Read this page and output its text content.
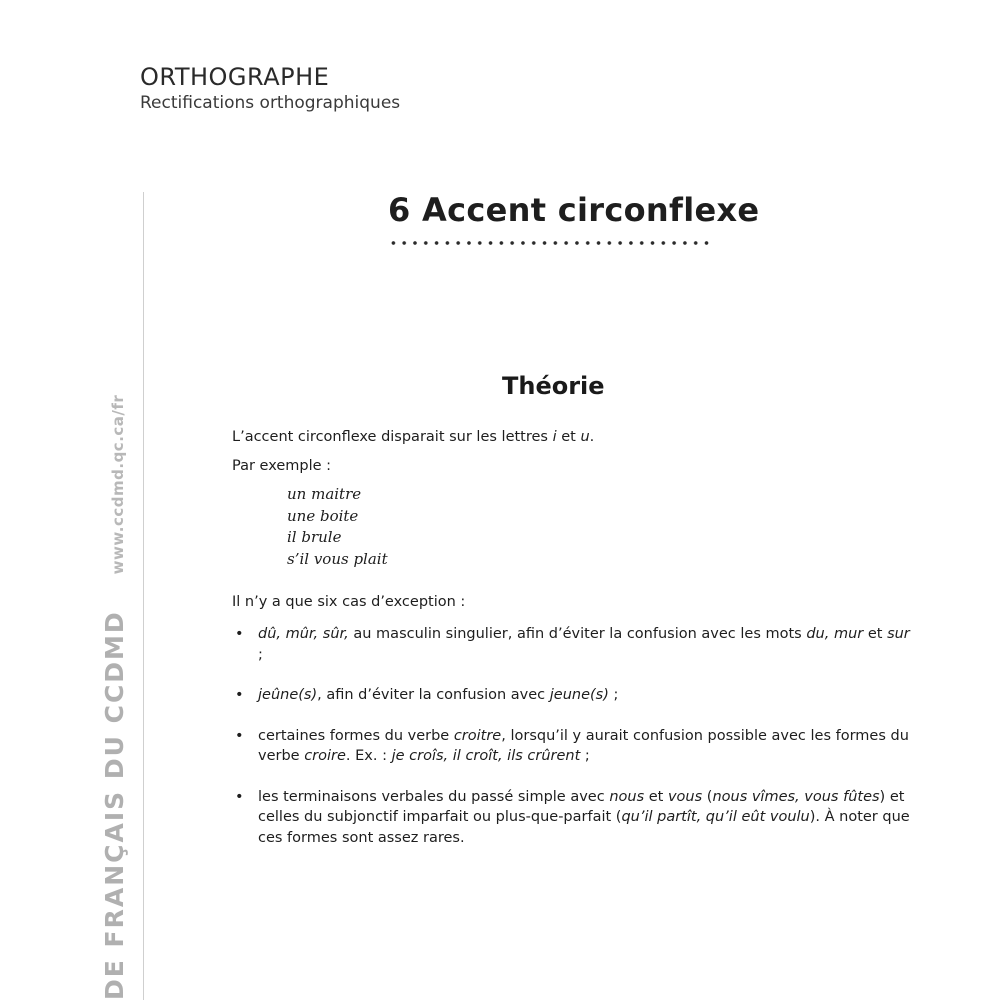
ORTHOGRAPHE
Rectifications orthographiques
DE FRANÇAIS DU CCDMD
www.ccdmd.qc.ca/fr
6 Accent circonflexe
Théorie
L’accent circonflexe disparait sur les lettres i et u.
Par exemple :
un maitre
une boite
il brule
s’il vous plait
Il n’y a que six cas d’exception :
• dû, mûr, sûr, au masculin singulier, afin d’éviter la confusion avec les mots du, mur et sur ;
• jeûne(s), afin d’éviter la confusion avec jeune(s) ;
• certaines formes du verbe croitre, lorsqu’il y aurait confusion possible avec les formes du verbe croire. Ex. : je croîs, il croît, ils crûrent ;
• les terminaisons verbales du passé simple avec nous et vous (nous vîmes, vous fûtes) et celles du subjonctif imparfait ou plus-que-parfait (qu’il partît, qu’il eût voulu). À noter que ces formes sont assez rares.
